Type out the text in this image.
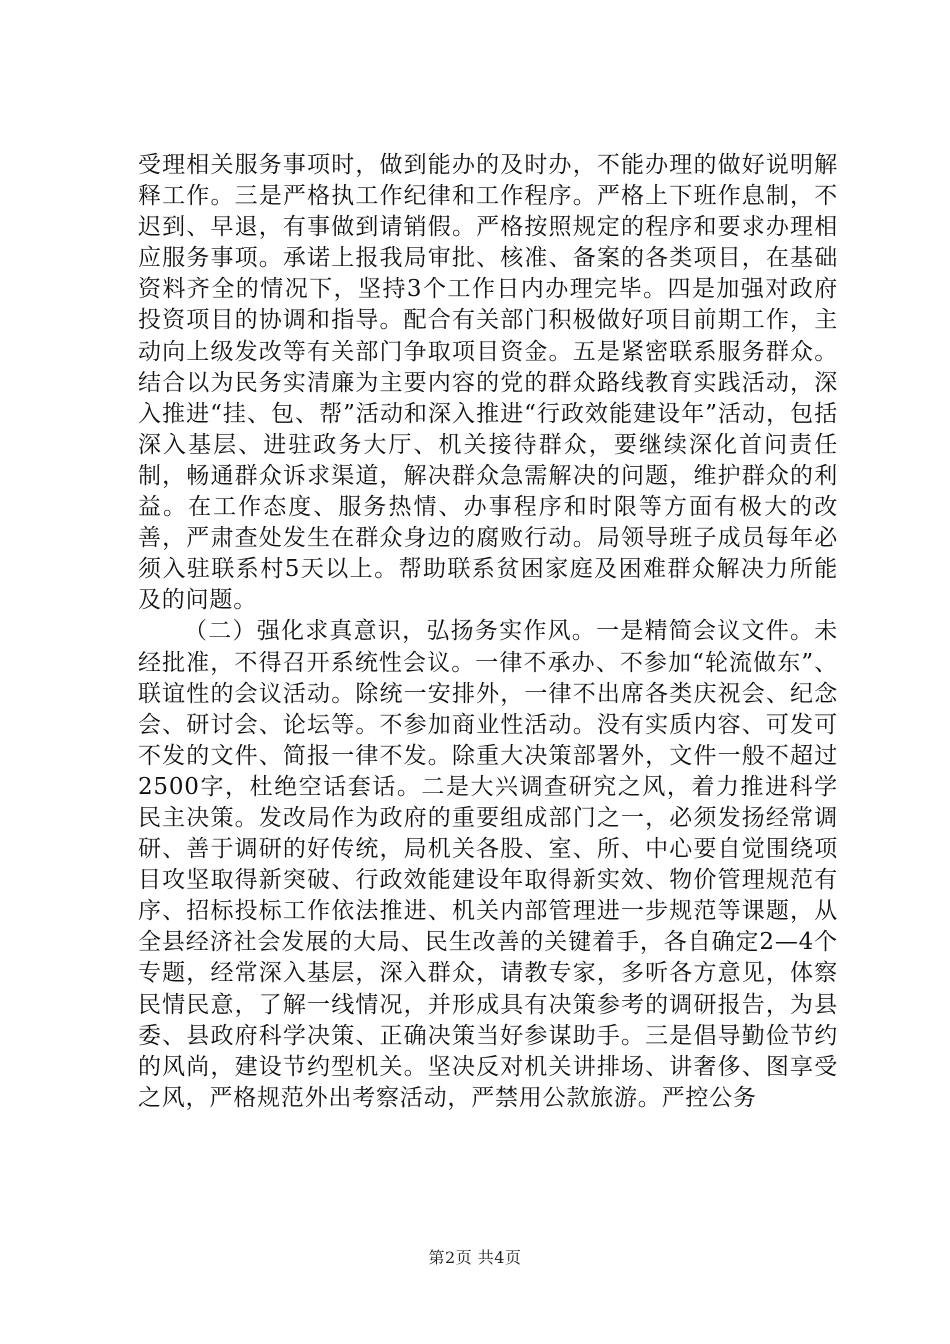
受理相关服务事项时，做到能办的及时办，不能办理的做好说明解释工作。三是严格执工作纪律和工作程序。严格上下班作息制，不迟到、早退，有事做到请销假。严格按照规定的程序和要求办理相应服务事项。承诺上报我局审批、核准、备案的各类项目，在基础资料齐全的情况下，坚持3个工作日内办理完毕。四是加强对政府投资项目的协调和指导。配合有关部门积极做好项目前期工作，主动向上级发改等有关部门争取项目资金。五是紧密联系服务群众。结合以为民务实清廉为主要内容的党的群众路线教育实践活动，深入推进“挂、包、帮”活动和深入推进“行政效能建设年”活动，包括深入基层、进驻政务大厅、机关接待群众，要继续深化首问责任制，畅通群众诉求渠道，解决群众急需解决的问题，维护群众的利益。在工作态度、服务热情、办事程序和时限等方面有极大的改善，严肃查处发生在群众身边的腐败行动。局领导班子成员每年必须入驻联系村5天以上。帮助联系贫困家庭及困难群众解决力所能及的问题。

（二）强化求真意识，弘扬务实作风。一是精简会议文件。未经批准，不得召开系统性会议。一律不承办、不参加“轮流做东”、联谊性的会议活动。除统一安排外，一律不出席各类庆祝会、纪念会、研讨会、论坛等。不参加商业性活动。没有实质内容、可发可不发的文件、简报一律不发。除重大决策部署外，文件一般不超过2500字，杜绝空话套话。二是大兴调查研究之风，着力推进科学民主决策。发改局作为政府的重要组成部门之一，必须发扬经常调研、善于调研的好传统，局机关各股、室、所、中心要自觉围绕项目攻坚取得新突破、行政效能建设年取得新实效、物价管理规范有序、招标投标工作依法推进、机关内部管理进一步规范等课题，从全县经济社会发展的大局、民生改善的关键着手，各自确定2—4个专题，经常深入基层，深入群众，请教专家，多听各方意见，体察民情民意，了解一线情况，并形成具有决策参考的调研报告，为县委、县政府科学决策、正确决策当好参谋助手。三是倡导勤俭节约的风尚，建设节约型机关。坚决反对机关讲排场、讲奢侈、图享受之风，严格规范外出考察活动，严禁用公款旅游。严控公务

第2页 共4页
